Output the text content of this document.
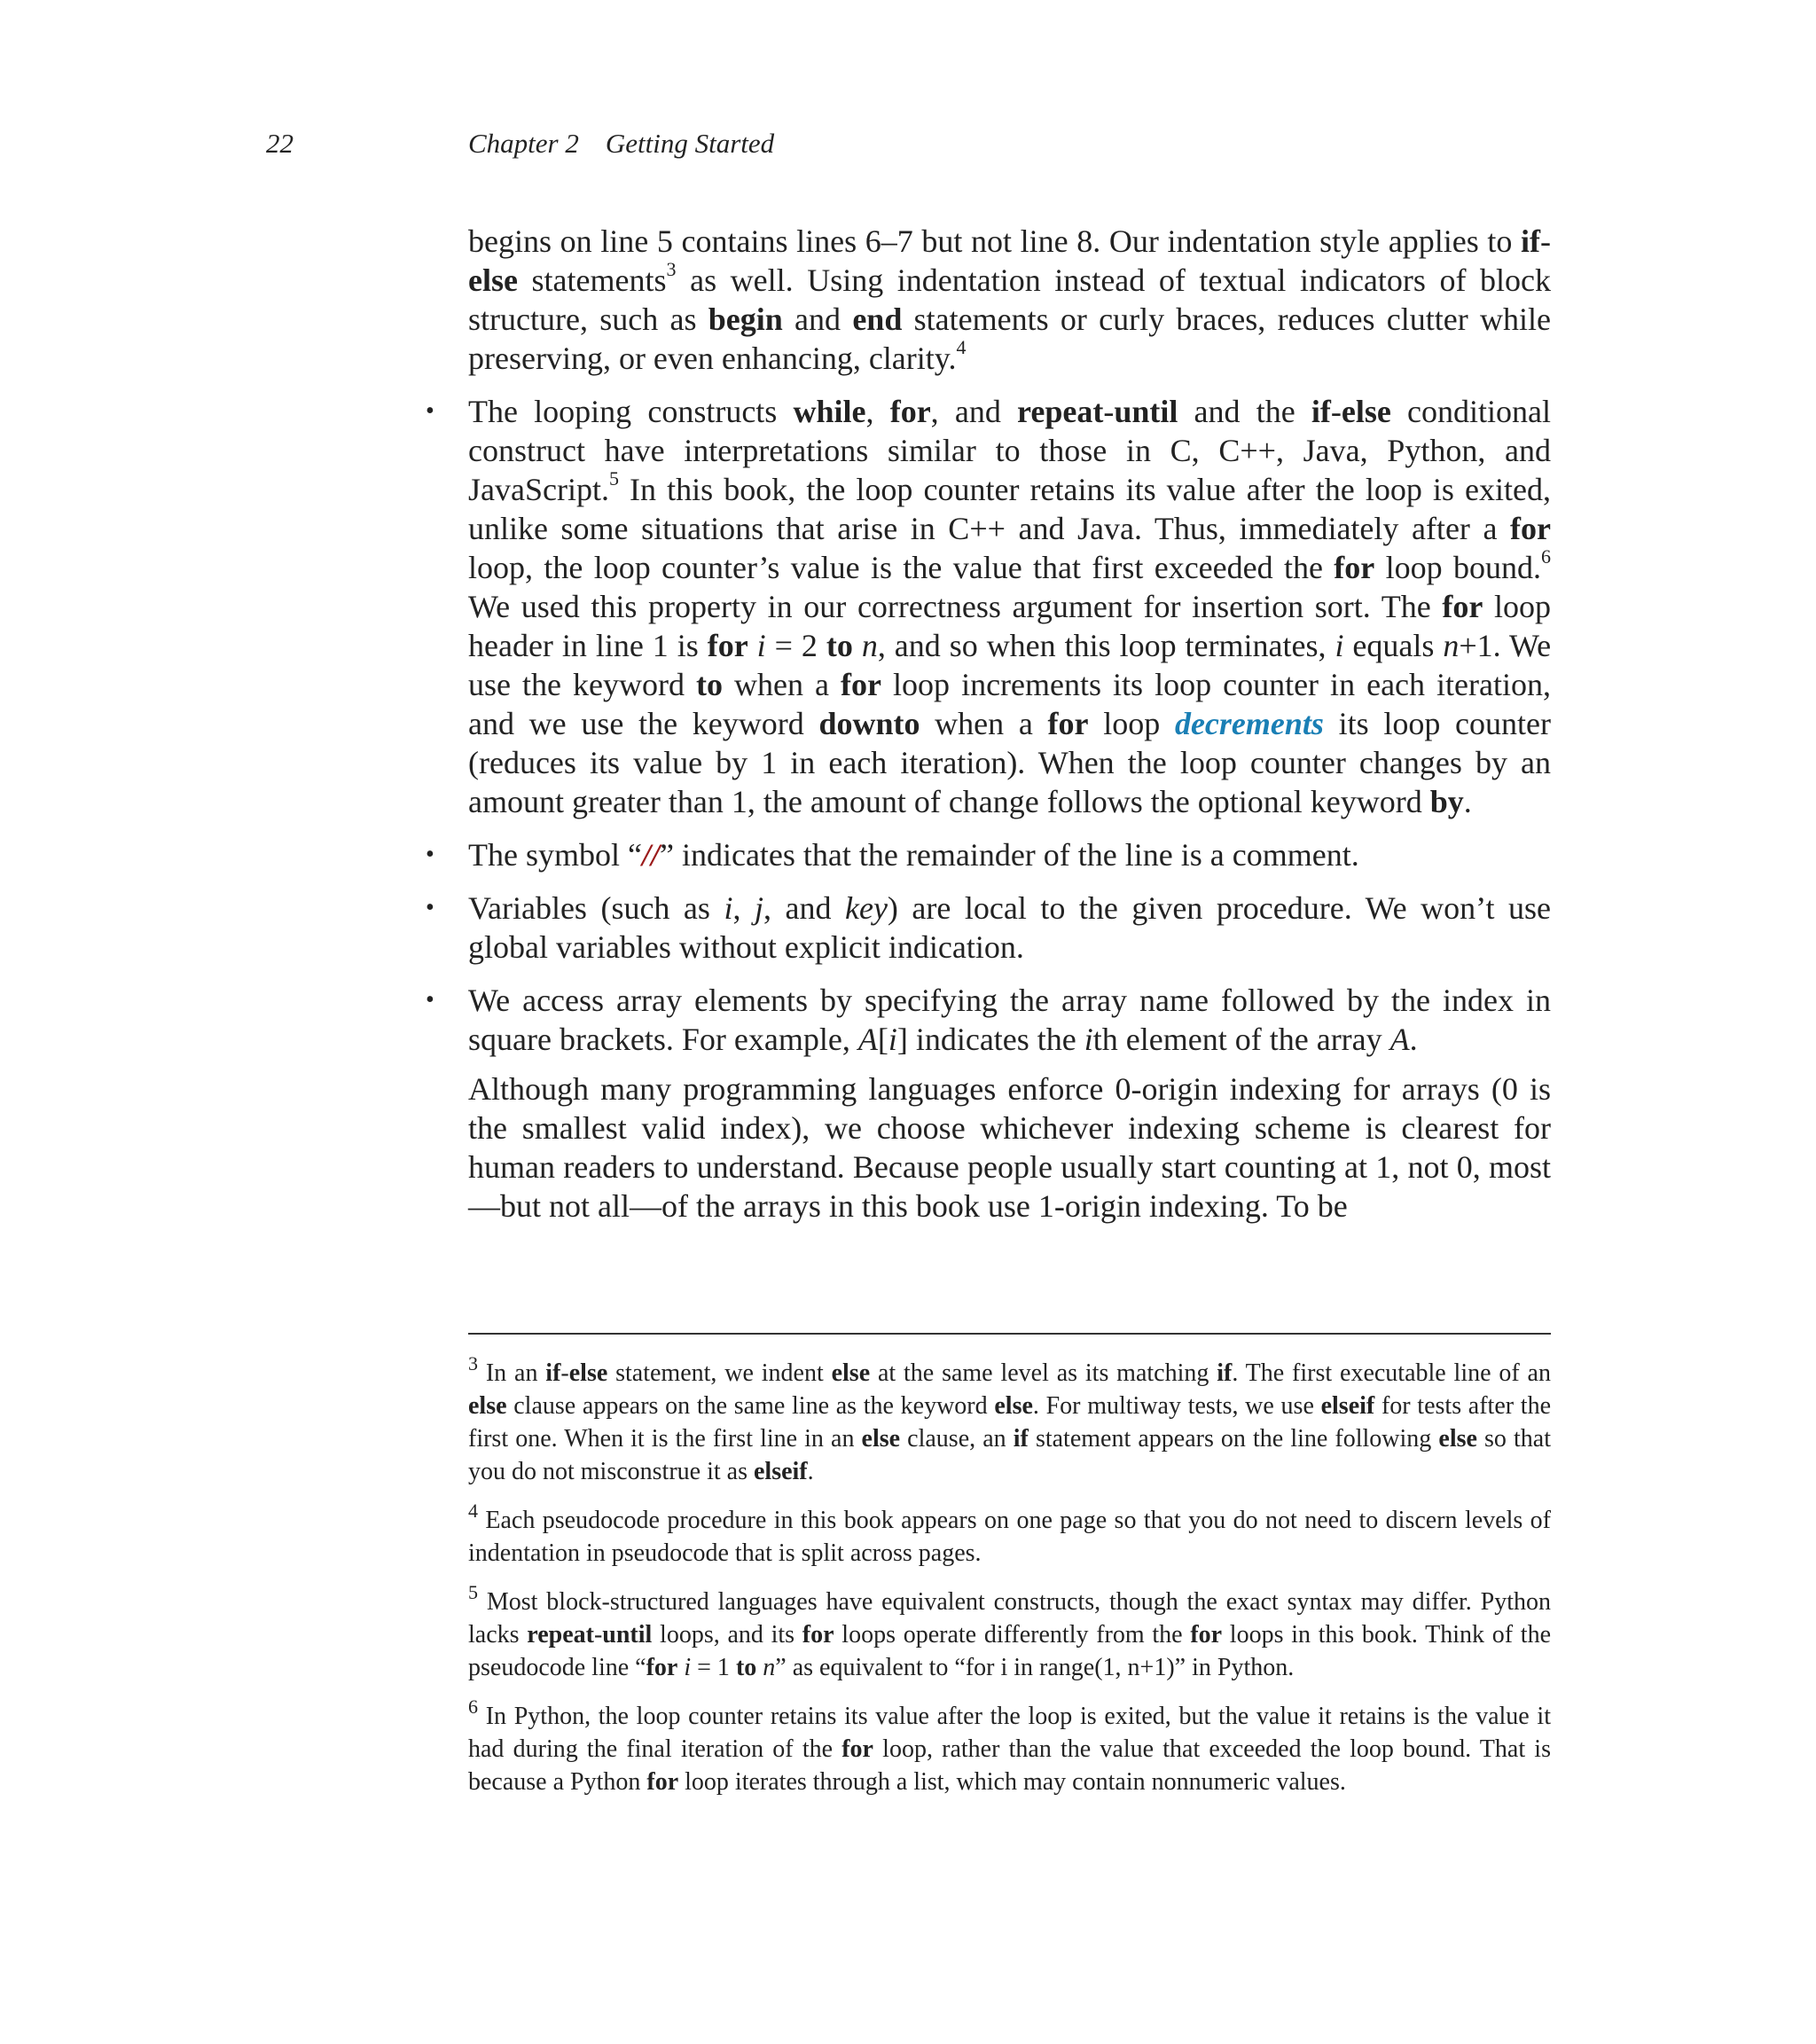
22	Chapter 2 Getting Started

begins on line 5 contains lines 6–7 but not line 8. Our indentation style applies to if-else statements$^3$ as well. Using indentation instead of textual indicators of block structure, such as begin and end statements or curly braces, reduces clutter while preserving, or even enhancing, clarity.$^4$

• The looping constructs while, for, and repeat-until and the if-else conditional construct have interpretations similar to those in C, C++, Java, Python, and JavaScript.$^5$ In this book, the loop counter retains its value after the loop is exited, unlike some situations that arise in C++ and Java. Thus, immediately after a for loop, the loop counter’s value is the value that first exceeded the for loop bound.$^6$ We used this property in our correctness argument for insertion sort. The for loop header in line 1 is for i = 2 to n, and so when this loop terminates, i equals n+1. We use the keyword to when a for loop increments its loop counter in each iteration, and we use the keyword downto when a for loop decrements its loop counter (reduces its value by 1 in each iteration). When the loop counter changes by an amount greater than 1, the amount of change follows the optional keyword by.
• The symbol “//” indicates that the remainder of the line is a comment.
• Variables (such as i, j, and key) are local to the given procedure. We won’t use global variables without explicit indication.
• We access array elements by specifying the array name followed by the index in square brackets. For example, A[i] indicates the ith element of the array A.

Although many programming languages enforce 0-origin indexing for arrays (0 is the smallest valid index), we choose whichever indexing scheme is clearest for human readers to understand. Because people usually start counting at 1, not 0, most—but not all—of the arrays in this book use 1-origin indexing. To be

$^3$ In an if-else statement, we indent else at the same level as its matching if. The first executable line of an else clause appears on the same line as the keyword else. For multiway tests, we use elseif for tests after the first one. When it is the first line in an else clause, an if statement appears on the line following else so that you do not misconstrue it as elseif.

$^4$ Each pseudocode procedure in this book appears on one page so that you do not need to discern levels of indentation in pseudocode that is split across pages.

$^5$ Most block-structured languages have equivalent constructs, though the exact syntax may differ. Python lacks repeat-until loops, and its for loops operate differently from the for loops in this book. Think of the pseudocode line “for i = 1 to n” as equivalent to “for i in range(1, n+1)” in Python.

$^6$ In Python, the loop counter retains its value after the loop is exited, but the value it retains is the value it had during the final iteration of the for loop, rather than the value that exceeded the loop bound. That is because a Python for loop iterates through a list, which may contain nonnumeric values.
